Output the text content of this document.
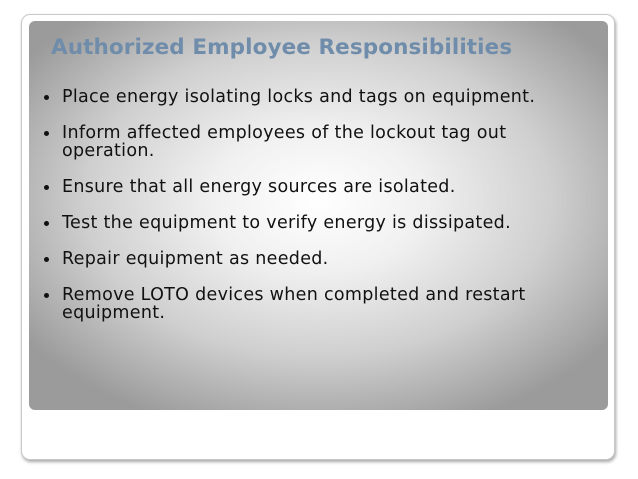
Authorized Employee Responsibilities
Place energy isolating locks and tags on equipment.
Inform affected employees of the lockout tag out operation.
Ensure that all energy sources are isolated.
Test the equipment to verify energy is dissipated.
Repair equipment as needed.
Remove LOTO devices when completed and restart equipment.
